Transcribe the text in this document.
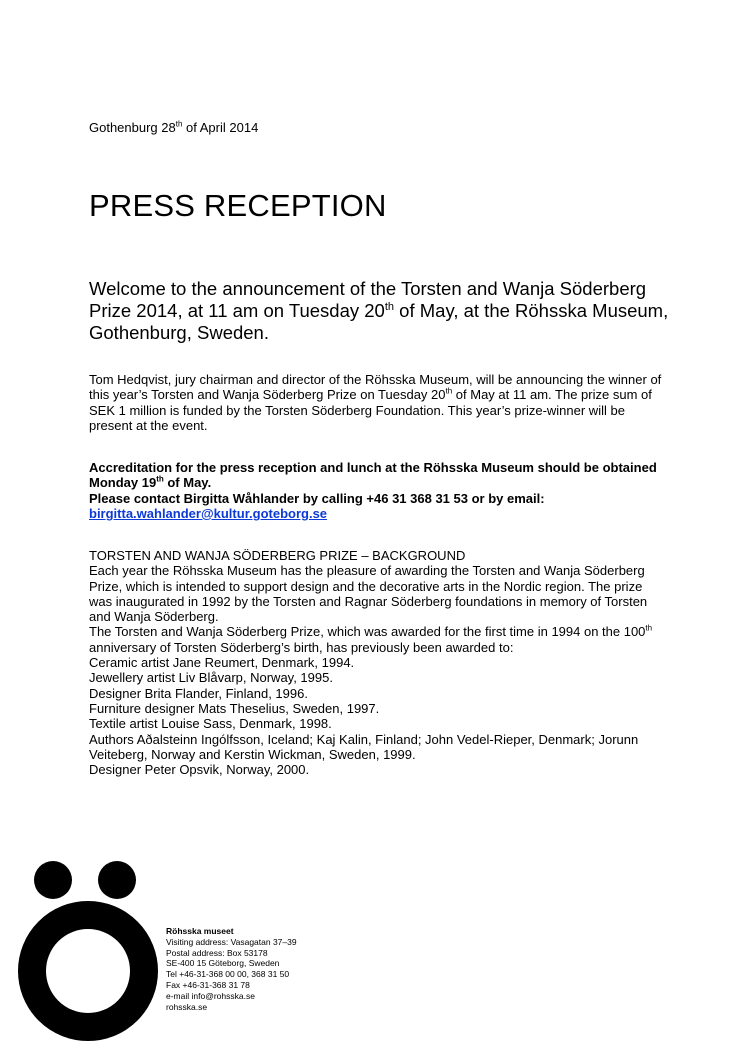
Gothenburg 28th of April 2014
PRESS RECEPTION

Welcome to the announcement of the Torsten and Wanja Söderberg Prize 2014, at 11 am on Tuesday 20th of May, at the Röhsska Museum, Gothenburg, Sweden.

Tom Hedqvist, jury chairman and director of the Röhsska Museum, will be announcing the winner of this year’s Torsten and Wanja Söderberg Prize on Tuesday 20th of May at 11 am. The prize sum of SEK 1 million is funded by the Torsten Söderberg Foundation. This year’s prize-winner will be present at the event.

Accreditation for the press reception and lunch at the Röhsska Museum should be obtained Monday 19th of May.
Please contact Birgitta Wåhlander by calling +46 31 368 31 53 or by email:
birgitta.wahlander@kultur.goteborg.se
TORSTEN AND WANJA SÖDERBERG PRIZE – BACKGROUND
Each year the Röhsska Museum has the pleasure of awarding the Torsten and Wanja Söderberg Prize, which is intended to support design and the decorative arts in the Nordic region. The prize was inaugurated in 1992 by the Torsten and Ragnar Söderberg foundations in memory of Torsten and Wanja Söderberg.
The Torsten and Wanja Söderberg Prize, which was awarded for the first time in 1994 on the 100th anniversary of Torsten Söderberg’s birth, has previously been awarded to:
Ceramic artist Jane Reumert, Denmark, 1994.
Jewellery artist Liv Blåvarp, Norway, 1995.
Designer Brita Flander, Finland, 1996.
Furniture designer Mats Theselius, Sweden, 1997.
Textile artist Louise Sass, Denmark, 1998.
Authors Aðalsteinn Ingólfsson, Iceland; Kaj Kalin, Finland; John Vedel-Rieper, Denmark; Jorunn Veiteberg, Norway and Kerstin Wickman, Sweden, 1999.
Designer Peter Opsvik, Norway, 2000.
Röhsska museet
Visiting address: Vasagatan 37–39
Postal address: Box 53178
SE-400 15 Göteborg, Sweden
Tel +46-31-368 00 00, 368 31 50
Fax +46-31-368 31 78
e-mail info@rohsska.se
rohsska.se
